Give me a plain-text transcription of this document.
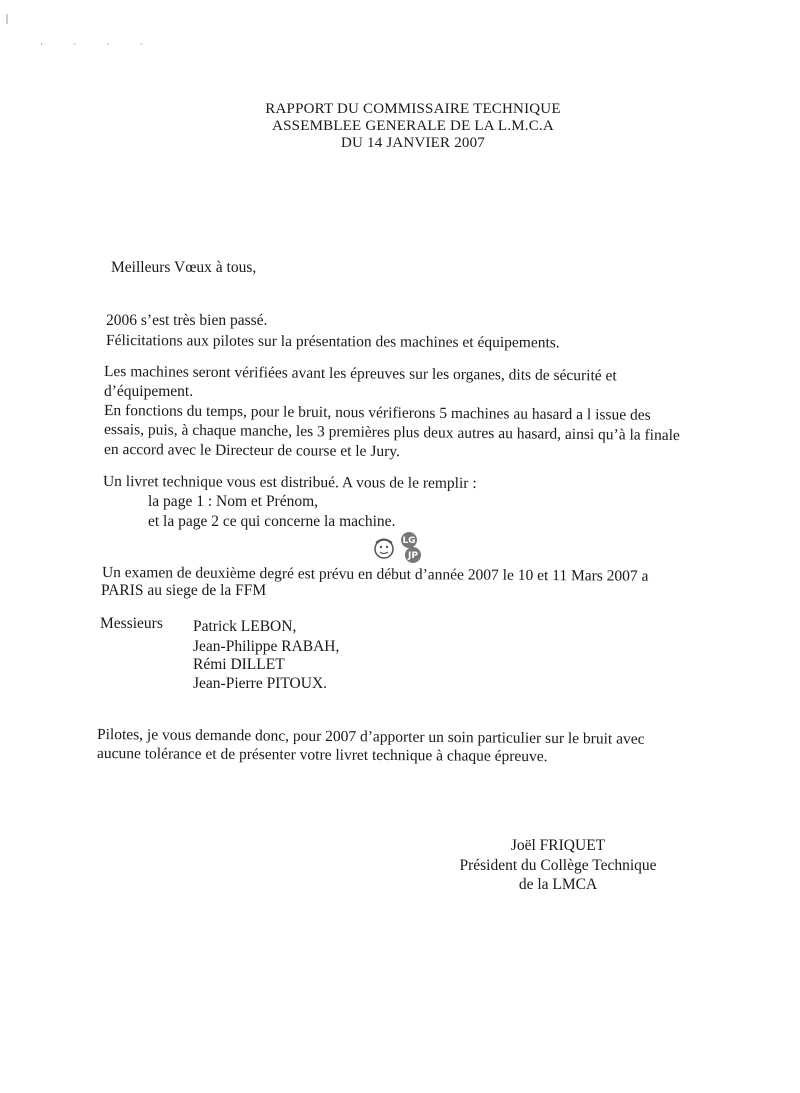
· · · ·
RAPPORT DU COMMISSAIRE TECHNIQUE
ASSEMBLEE GENERALE DE LA L.M.C.A
DU 14 JANVIER 2007
Meilleurs Vœux à tous,
2006 s’est très bien passé.
Félicitations aux pilotes sur la présentation des machines et équipements.
Les machines seront vérifiées avant les épreuves sur les organes, dits de sécurité et
d’équipement.
En fonctions du temps, pour le bruit, nous vérifierons 5 machines au hasard a l issue des
essais, puis, à chaque manche, les 3 premières plus deux autres au hasard, ainsi qu’à la finale
en accord avec le Directeur de course et le Jury.
Un livret technique vous est distribué. A vous de le remplir :
la page 1 : Nom et Prénom,
et la page 2 ce qui concerne la machine.
LG
JP
Un examen de deuxième degré est prévu en début d’année 2007 le 10 et 11 Mars 2007 a
PARIS au siege de la FFM
Messieurs Patrick LEBON,
Jean-Philippe RABAH,
Rémi DILLET
Jean-Pierre PITOUX.
Pilotes, je vous demande donc, pour 2007 d’apporter un soin particulier sur le bruit avec
aucune tolérance et de présenter votre livret technique à chaque épreuve.
Joël FRIQUET
Président du Collège Technique
de la LMCA
